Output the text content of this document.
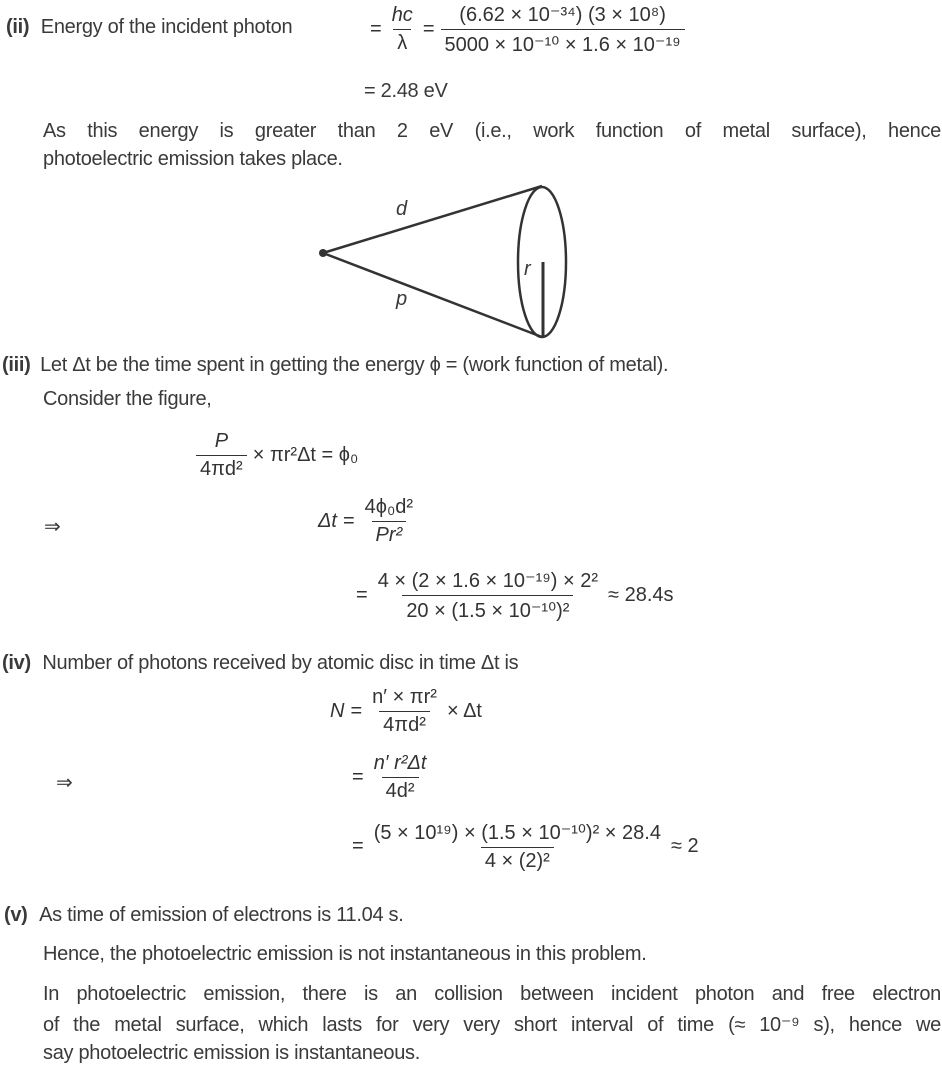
(ii) Energy of the incident photon	= $\frac{hc}{\lambda} = \frac{\text{(6.62 × 10⁻³⁴) (3 × 10⁸)}}{\text{5000 × 10⁻¹⁰ × 1.6 × 10⁻¹⁹}}$
= 2.48 eV
As this energy is greater than 2 eV (i.e., work function of metal surface), hence
photoelectric emission takes place.
d
p
r
(iii) Let Δt be the time spent in getting the energy ϕ = (work function of metal).
Consider the figure,
$\frac{P}{\text{4πd²}} \times \pi r^2\Delta t = \phi_0$
⇒	$\Delta t = \frac{\text{4ϕ₀d²}}{\text{Pr²}}$
= $\frac{\text{4 × (2 × 1.6 × 10⁻¹⁹) × 2²}}{\text{20 × (1.5 × 10⁻¹⁰)²}} \approx 28.4s$
(iv) Number of photons received by atomic disc in time Δt is
$N = \frac{\text{n′ × πr²}}{\text{4πd²}} \times \Delta t$
⇒	= $\frac{\text{n′ r²Δt}}{\text{4d²}}$
= $\frac{\text{(5 × 10¹⁹) × (1.5 × 10⁻¹⁰)² × 28.4}}{\text{4 × (2)²}} \approx 2$
(v) As time of emission of electrons is 11.04 s.
Hence, the photoelectric emission is not instantaneous in this problem.
In photoelectric emission, there is an collision between incident photon and free electron
of the metal surface, which lasts for very very short interval of time (≈ 10⁻⁹ s), hence we
say photoelectric emission is instantaneous.
